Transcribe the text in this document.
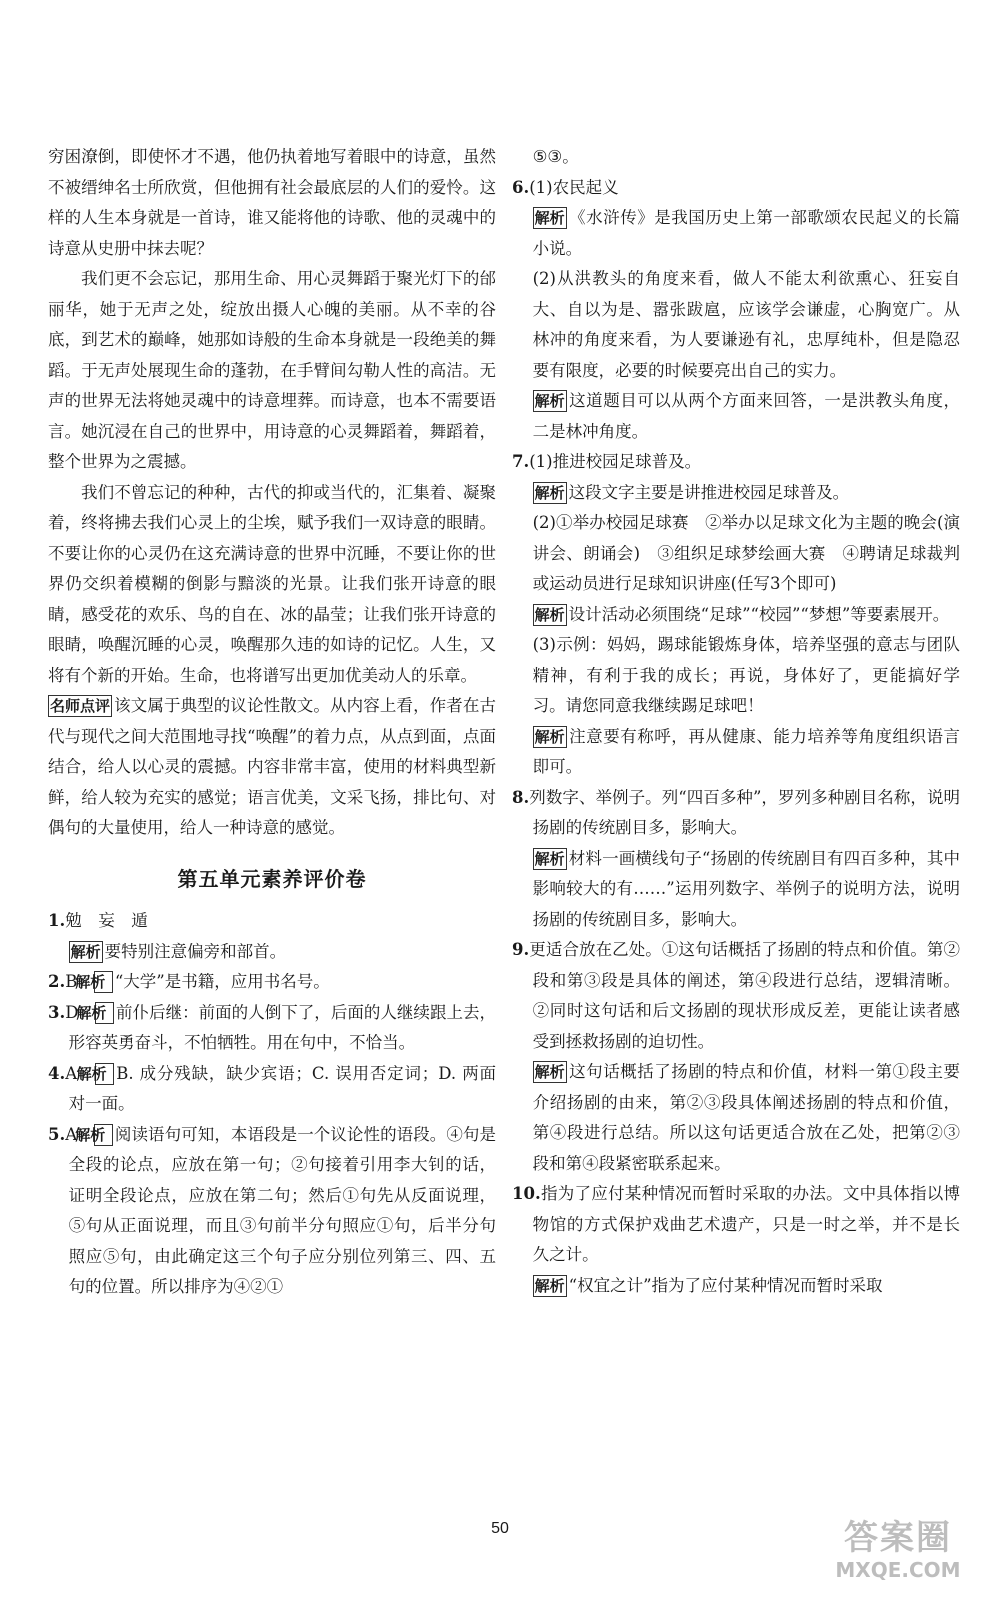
穷困潦倒，即使怀才不遇，他仍执着地写着眼中的诗意，虽然不被缙绅名士所欣赏，但他拥有社会最底层的人们的爱怜。这样的人生本身就是一首诗，谁又能将他的诗歌、他的灵魂中的诗意从史册中抹去呢？

我们更不会忘记，那用生命、用心灵舞蹈于聚光灯下的邰丽华，她于无声之处，绽放出摄人心魄的美丽。从不幸的谷底，到艺术的巅峰，她那如诗般的生命本身就是一段绝美的舞蹈。于无声处展现生命的蓬勃，在手臂间勾勒人性的高洁。无声的世界无法将她灵魂中的诗意埋葬。而诗意，也本不需要语言。她沉浸在自己的世界中，用诗意的心灵舞蹈着，舞蹈着，整个世界为之震撼。

我们不曾忘记的种种，古代的抑或当代的，汇集着、凝聚着，终将拂去我们心灵上的尘埃，赋予我们一双诗意的眼睛。不要让你的心灵仍在这充满诗意的世界中沉睡，不要让你的世界仍交织着模糊的倒影与黯淡的光景。让我们张开诗意的眼睛，感受花的欢乐、鸟的自在、冰的晶莹；让我们张开诗意的眼睛，唤醒沉睡的心灵，唤醒那久违的如诗的记忆。人生，又将有个新的开始。生命，也将谱写出更加优美动人的乐章。

名师点评 该文属于典型的议论性散文。从内容上看，作者在古代与现代之间大范围地寻找“唤醒”的着力点，从点到面，点面结合，给人以心灵的震撼。内容非常丰富，使用的材料典型新鲜，给人较为充实的感觉；语言优美，文采飞扬，排比句、对偶句的大量使用，给人一种诗意的感觉。

第五单元素养评价卷

1.勉　妄　遁

解析 要特别注意偏旁和部首。

2.B　解析 “大学”是书籍，应用书名号。

3.D　解析 前仆后继：前面的人倒下了，后面的人继续跟上去，形容英勇奋斗，不怕牺牲。用在句中，不恰当。

4.A　解析 B. 成分残缺，缺少宾语；C. 误用否定词；D. 两面对一面。

5.A　解析 阅读语句可知，本语段是一个议论性的语段。④句是全段的论点，应放在第一句；②句接着引用李大钊的话，证明全段论点，应放在第二句；然后①句先从反面说理，⑤句从正面说理，而且③句前半分句照应①句，后半分句照应⑤句，由此确定这三个句子应分别位列第三、四、五句的位置。所以排序为④②①

⑤③。

6.(1)农民起义

解析 《水浒传》是我国历史上第一部歌颂农民起义的长篇小说。

(2)从洪教头的角度来看，做人不能太利欲熏心、狂妄自大、自以为是、嚣张跋扈，应该学会谦虚，心胸宽广。从林冲的角度来看，为人要谦逊有礼，忠厚纯朴，但是隐忍要有限度，必要的时候要亮出自己的实力。

解析 这道题目可以从两个方面来回答，一是洪教头角度，二是林冲角度。

7.(1)推进校园足球普及。

解析 这段文字主要是讲推进校园足球普及。

(2)①举办校园足球赛　②举办以足球文化为主题的晚会(演讲会、朗诵会)　③组织足球梦绘画大赛　④聘请足球裁判或运动员进行足球知识讲座(任写3个即可)

解析 设计活动必须围绕“足球”“校园”“梦想”等要素展开。

(3)示例：妈妈，踢球能锻炼身体，培养坚强的意志与团队精神，有利于我的成长；再说，身体好了，更能搞好学习。请您同意我继续踢足球吧！

解析 注意要有称呼，再从健康、能力培养等角度组织语言即可。

8.列数字、举例子。列“四百多种”，罗列多种剧目名称，说明扬剧的传统剧目多，影响大。

解析 材料一画横线句子“扬剧的传统剧目有四百多种，其中影响较大的有……”运用列数字、举例子的说明方法，说明扬剧的传统剧目多，影响大。

9.更适合放在乙处。①这句话概括了扬剧的特点和价值。第②段和第③段是具体的阐述，第④段进行总结，逻辑清晰。②同时这句话和后文扬剧的现状形成反差，更能让读者感受到拯救扬剧的迫切性。

解析 这句话概括了扬剧的特点和价值，材料一第①段主要介绍扬剧的由来，第②③段具体阐述扬剧的特点和价值，第④段进行总结。所以这句话更适合放在乙处，把第②③段和第④段紧密联系起来。

10.指为了应付某种情况而暂时采取的办法。文中具体指以博物馆的方式保护戏曲艺术遗产，只是一时之举，并不是长久之计。

解析 “权宜之计”指为了应付某种情况而暂时采取

50	答案圈
MXQE.COM
